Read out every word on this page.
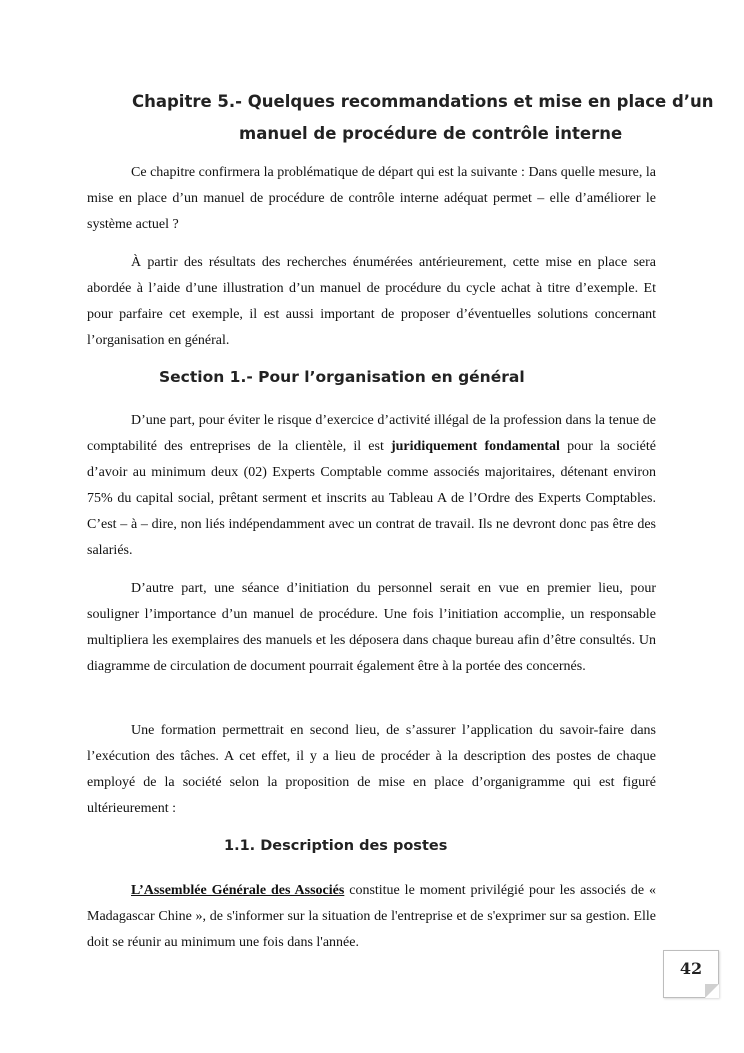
Chapitre 5.- Quelques recommandations et mise en place d’un
manuel de procédure de contrôle interne
Ce chapitre confirmera la problématique de départ qui est la suivante : Dans quelle mesure, la mise en place d’un manuel de procédure de contrôle interne adéquat permet – elle d’améliorer le système actuel ?
À partir des résultats des recherches énumérées antérieurement, cette mise en place sera abordée à l’aide d’une illustration d’un manuel de procédure du cycle achat à titre d’exemple. Et pour parfaire cet exemple, il est aussi important de proposer d’éventuelles solutions concernant l’organisation en général.
Section 1.- Pour l’organisation en général
D’une part, pour éviter le risque d’exercice d’activité illégal de la profession dans la tenue de comptabilité des entreprises de la clientèle, il est juridiquement fondamental pour la société d’avoir au minimum deux (02) Experts Comptable comme associés majoritaires, détenant environ 75% du capital social, prêtant serment et inscrits au Tableau A de l’Ordre des Experts Comptables. C’est – à – dire, non liés indépendamment avec un contrat de travail. Ils ne devront donc pas être des salariés.
D’autre part, une séance d’initiation du personnel serait en vue en premier lieu, pour souligner l’importance d’un manuel de procédure. Une fois l’initiation accomplie, un responsable multipliera les exemplaires des manuels et les déposera dans chaque bureau afin d’être consultés. Un diagramme de circulation de document pourrait également être à la portée des concernés.
Une formation permettrait en second lieu, de s’assurer l’application du savoir-faire dans l’exécution des tâches. A cet effet, il y a lieu de procéder à la description des postes de chaque employé de la société selon la proposition de mise en place d’organigramme qui est figuré ultérieurement :
1.1. Description des postes
L’Assemblée Générale des Associés constitue le moment privilégié pour les associés de « Madagascar Chine », de s'informer sur la situation de l'entreprise et de s'exprimer sur sa gestion. Elle doit se réunir au minimum une fois dans l'année.
42
